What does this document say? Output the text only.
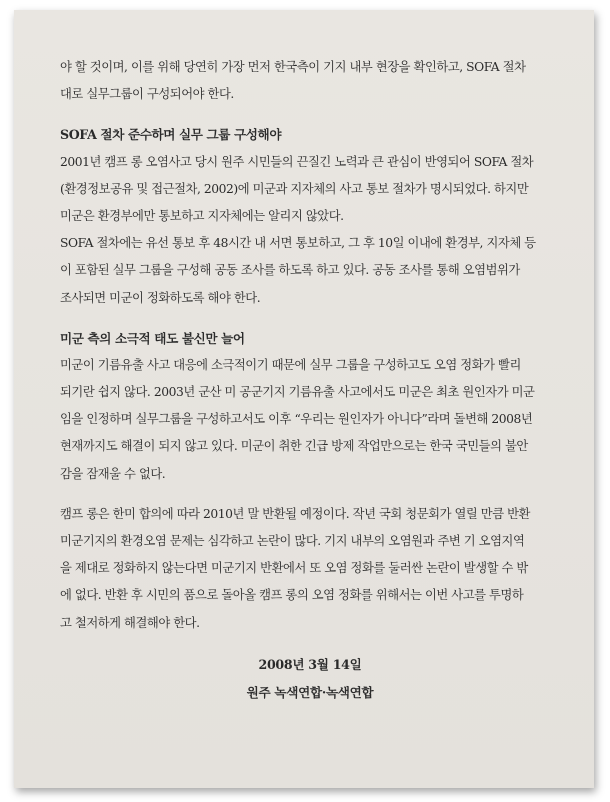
야 할 것이며, 이를 위해 당연히 가장 먼저 한국측이 기지 내부 현장을 확인하고, SOFA 절차
대로 실무그룹이 구성되어야 한다.
SOFA 절차 준수하며 실무 그룹 구성해야
2001년 캠프 롱 오염사고 당시 원주 시민들의 끈질긴 노력과 큰 관심이 반영되어 SOFA 절차
(환경정보공유 및 접근절차, 2002)에 미군과 지자체의 사고 통보 절차가 명시되었다. 하지만
미군은 환경부에만 통보하고 지자체에는 알리지 않았다.
SOFA 절차에는 유선 통보 후 48시간 내 서면 통보하고, 그 후 10일 이내에 환경부, 지자체 등
이 포함된 실무 그룹을 구성해 공동 조사를 하도록 하고 있다. 공동 조사를 통해 오염범위가
조사되면 미군이 정화하도록 해야 한다.
미군 측의 소극적 태도 불신만 늘어
미군이 기름유출 사고 대응에 소극적이기 때문에 실무 그룹을 구성하고도 오염 정화가 빨리
되기란 쉽지 않다. 2003년 군산 미 공군기지 기름유출 사고에서도 미군은 최초 원인자가 미군
임을 인정하며 실무그룹을 구성하고서도 이후 “우리는 원인자가 아니다”라며 돌변해 2008년
현재까지도 해결이 되지 않고 있다. 미군이 취한 긴급 방제 작업만으로는 한국 국민들의 불안
감을 잠재울 수 없다.
캠프 롱은 한미 합의에 따라 2010년 말 반환될 예정이다. 작년 국회 청문회가 열릴 만큼 반환
미군기지의 환경오염 문제는 심각하고 논란이 많다. 기지 내부의 오염원과 주변 기 오염지역
을 제대로 정화하지 않는다면 미군기지 반환에서 또 오염 정화를 둘러싼 논란이 발생할 수 밖
에 없다. 반환 후 시민의 품으로 돌아올 캠프 롱의 오염 정화를 위해서는 이번 사고를 투명하
고 철저하게 해결해야 한다.
2008년 3월 14일
원주 녹색연합·녹색연합
